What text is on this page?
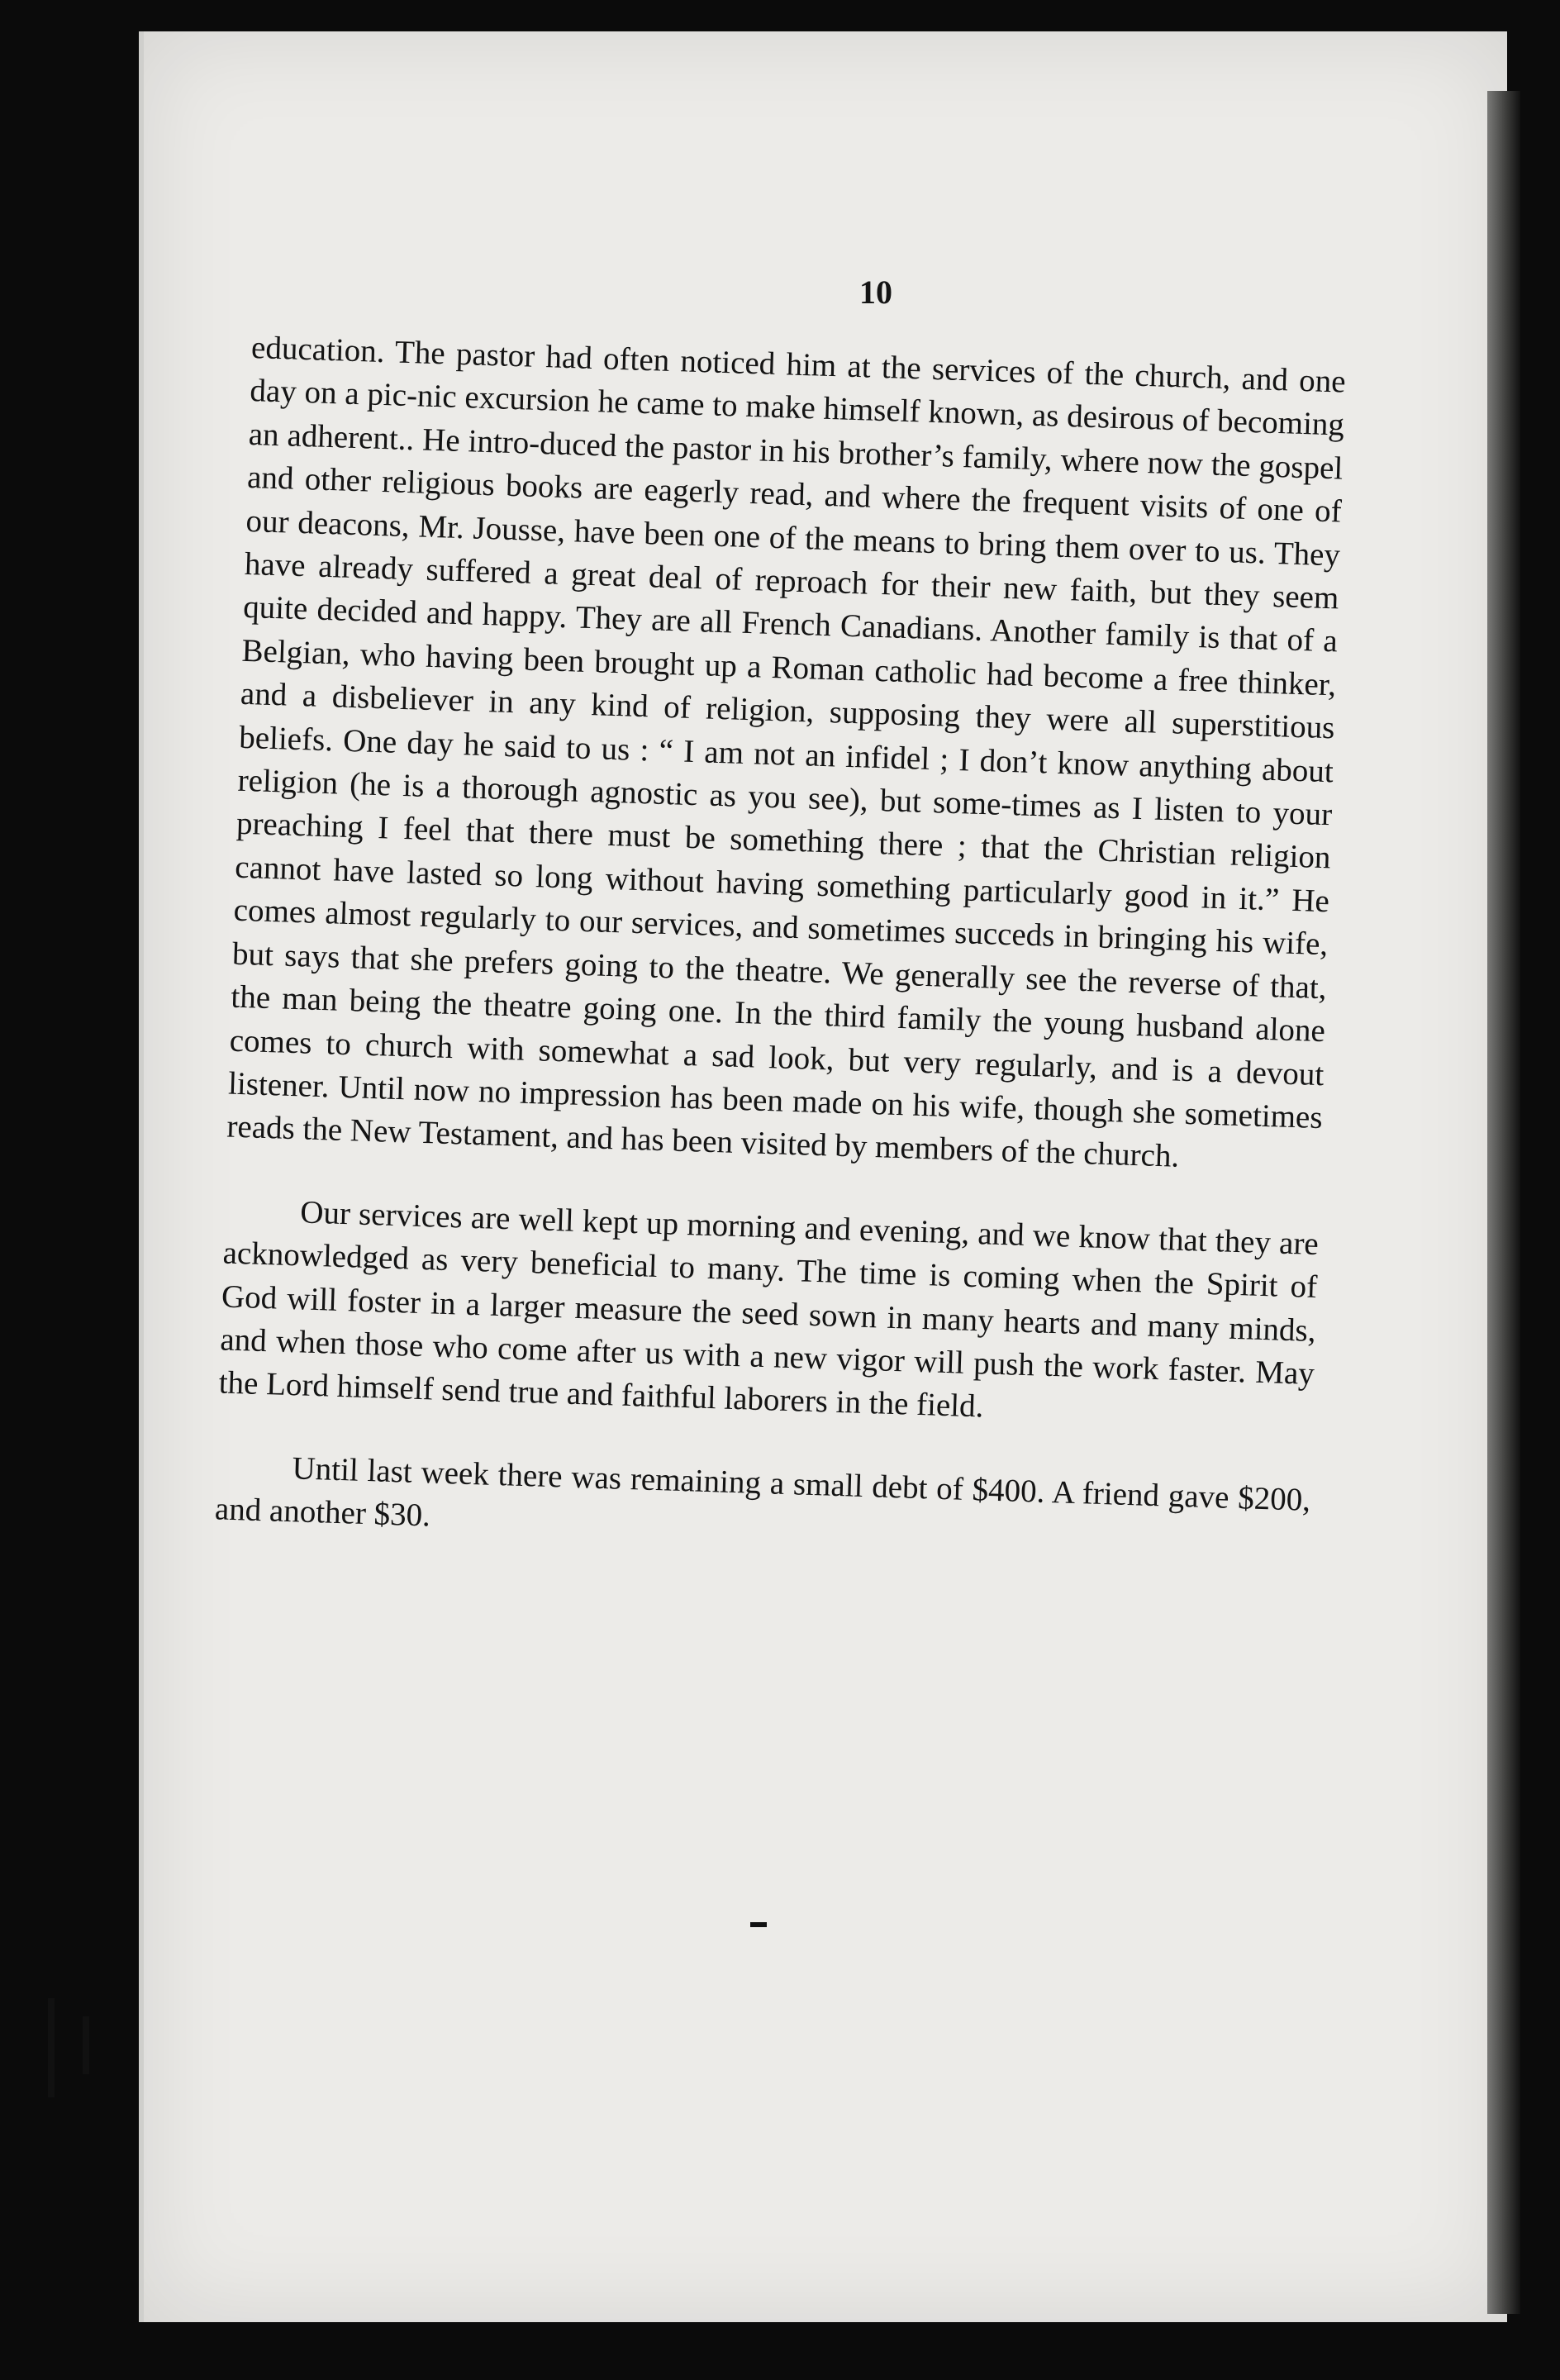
10

education. The pastor had often noticed him at the services of the church, and one day on a pic-nic excursion he came to make himself known, as desirous of becoming an adherent.. He intro-duced the pastor in his brother’s family, where now the gospel and other religious books are eagerly read, and where the frequent visits of one of our deacons, Mr. Jousse, have been one of the means to bring them over to us. They have already suffered a great deal of reproach for their new faith, but they seem quite decided and happy. They are all French Canadians. Another family is that of a Belgian, who having been brought up a Roman catholic had become a free thinker, and a disbeliever in any kind of religion, supposing they were all superstitious beliefs. One day he said to us : “ I am not an infidel ; I don’t know anything about religion (he is a thorough agnostic as you see), but some-times as I listen to your preaching I feel that there must be something there ; that the Christian religion cannot have lasted so long without having something particularly good in it.” He comes almost regularly to our services, and sometimes succeds in bringing his wife, but says that she prefers going to the theatre. We generally see the reverse of that, the man being the theatre going one. In the third family the young husband alone comes to church with somewhat a sad look, but very regularly, and is a devout listener. Until now no impression has been made on his wife, though she sometimes reads the New Testament, and has been visited by members of the church.

Our services are well kept up morning and evening, and we know that they are acknowledged as very beneficial to many. The time is coming when the Spirit of God will foster in a larger measure the seed sown in many hearts and many minds, and when those who come after us with a new vigor will push the work faster. May the Lord himself send true and faithful laborers in the field.

Until last week there was remaining a small debt of $400. A friend gave $200, and another $30.
